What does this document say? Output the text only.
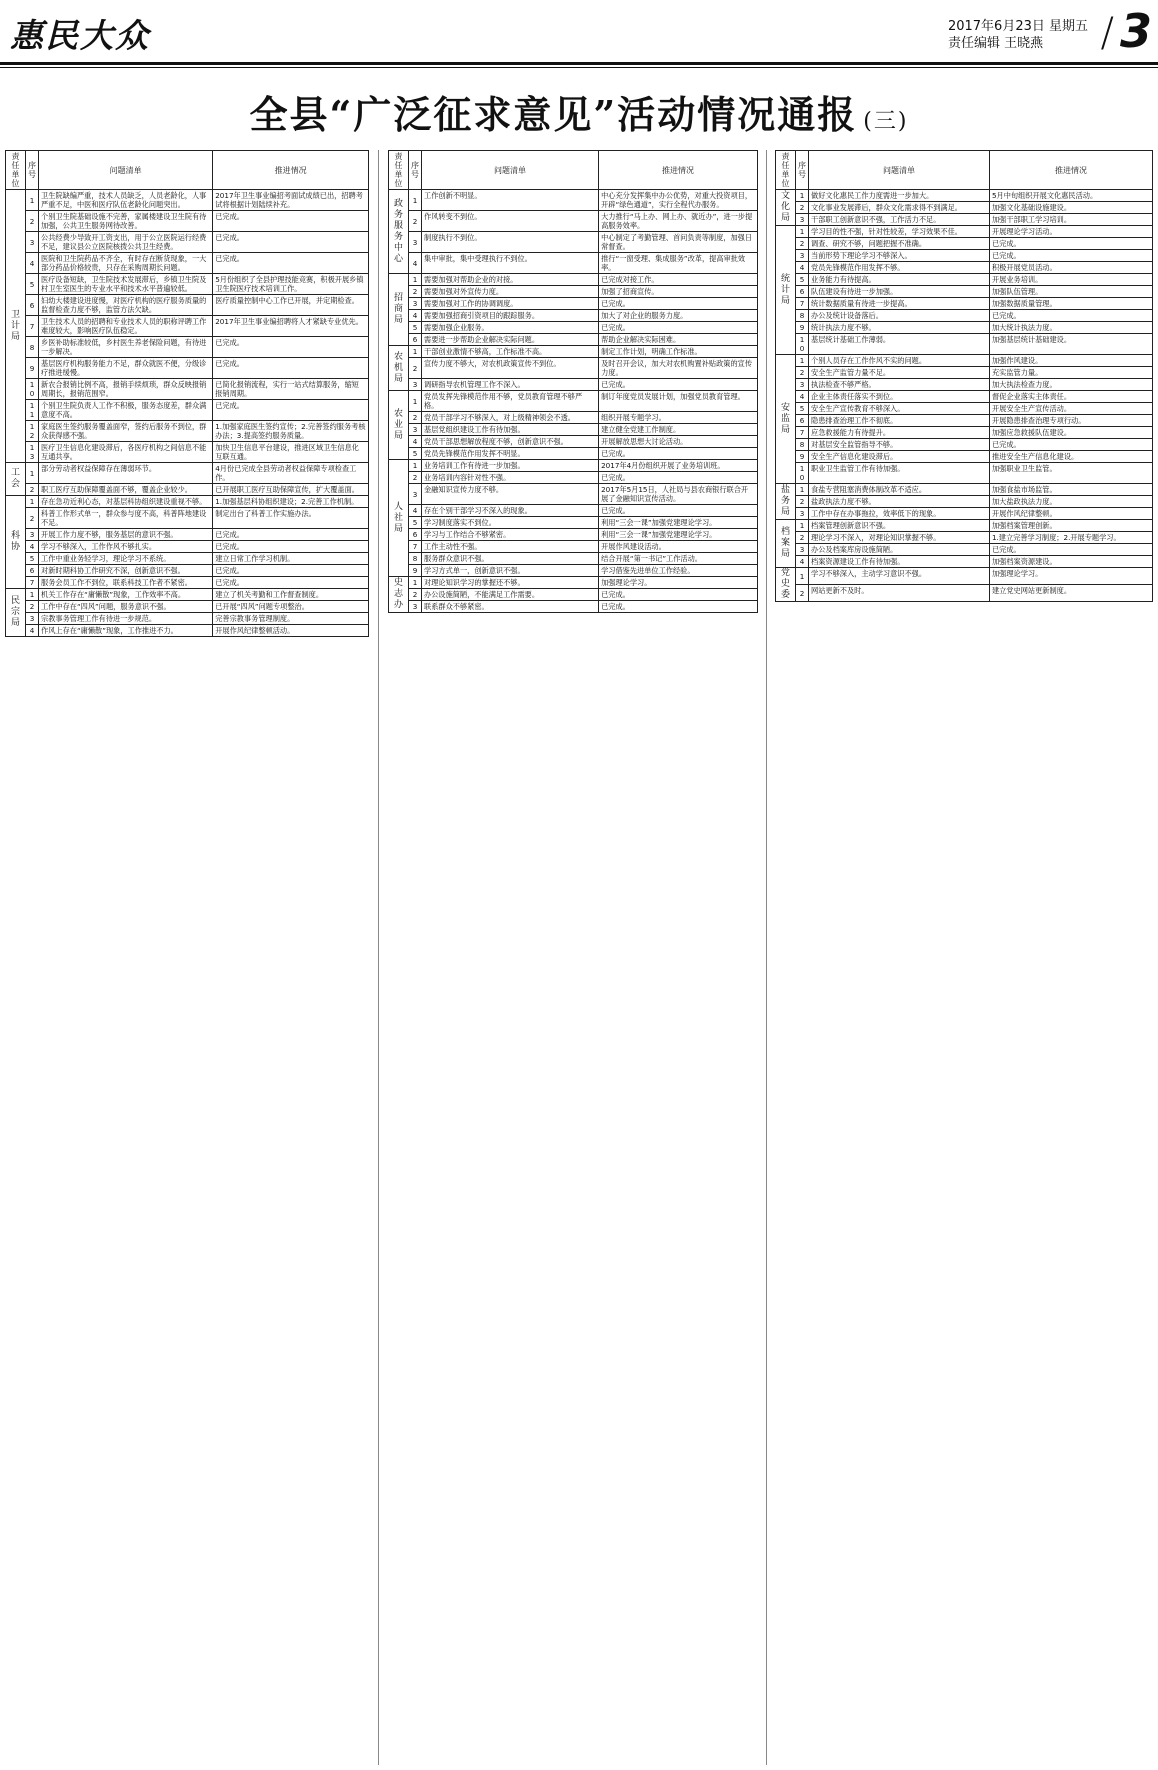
惠民大众	2017年6月23日 星期五
责任编辑 王晓燕	/ 3
全县“广泛征求意见”活动情况通报 (三)
责任单位	序号	问题清单	推进情况
卫计局	1	卫生院缺编严重，技术人员缺乏，人员老龄化，人事严重不足，中医和医疗队伍老龄化问题突出。	2017年卫生事业编招考面试成绩已出，招聘考试将根据计划陆续补充。
	2	个别卫生院基础设施不完善，家属楼建设卫生院有待加强，公共卫生服务网待改善。	已完成。
	3	公共经费少导致开工资支出，用于公立医院运行经费不足，建议县公立医院核拨公共卫生经费。	已完成。
	4	医院和卫生院药品不齐全，有时存在断货现象，一大部分药品价格较贵，只存在采购周期长问题。	已完成。
	5	医疗设备短缺，卫生院技术发展滞后，乡镇卫生院及村卫生室医生的专业水平和技术水平普遍较低。	5月份组织了全县护理技能竞赛，积极开展乡镇卫生院医疗技术培训工作。
	6	妇幼大楼建设进度慢，对医疗机构的医疗服务质量的监督检查力度不够，监管方法欠缺。	医疗质量控制中心工作已开展，并定期检查。
	7	卫生技术人员的招聘和专业技术人员的职称评聘工作难度较大，影响医疗队伍稳定。	2017年卫生事业编招聘将人才紧缺专业优先。
	8	乡医补助标准较低，乡村医生养老保险问题，有待进一步解决。	已完成。
	9	基层医疗机构服务能力不足，群众就医不便，分级诊疗推进缓慢。	已完成。
	10	新农合报销比例不高，报销手续烦琐，群众反映报销周期长，报销范围窄。	已简化报销流程，实行一站式结算服务，缩短报销周期。
	11	个别卫生院负责人工作不积极，服务态度差，群众满意度不高。	已完成。
	12	家庭医生签约服务覆盖面窄，签约后服务不到位，群众获得感不强。	1.加强家庭医生签约宣传；2.完善签约服务考核办法；3.提高签约服务质量。
	13	医疗卫生信息化建设滞后，各医疗机构之间信息不能互通共享。	加快卫生信息平台建设，推进区域卫生信息化互联互通。
工会	1	部分劳动者权益保障存在薄弱环节。	4月份已完成全县劳动者权益保障专项检查工作。
	2	职工医疗互助保障覆盖面不够，覆盖企业较少。	已开展职工医疗互助保障宣传，扩大覆盖面。
科协	1	存在急功近利心态，对基层科协组织建设重视不够。	1.加强基层科协组织建设；2.完善工作机制。
	2	科普工作形式单一，群众参与度不高，科普阵地建设不足。	制定出台了科普工作实施办法。
	3	开展工作力度不够，服务基层的意识不强。	已完成。
	4	学习不够深入，工作作风不够扎实。	已完成。
	5	工作中重业务轻学习，理论学习不系统。	建立日常工作学习机制。
	6	对新时期科协工作研究不深，创新意识不强。	已完成。
	7	服务会员工作不到位，联系科技工作者不紧密。	已完成。
民宗局	1	机关工作存在“庸懒散”现象，工作效率不高。	建立了机关考勤和工作督查制度。
	2	工作中存在“四风”问题，服务意识不强。	已开展“四风”问题专项整治。
	3	宗教事务管理工作有待进一步规范。	完善宗教事务管理制度。
	4	作风上存在“庸懒散”现象，工作推进不力。	开展作风纪律整顿活动。
责任单位	序号	问题清单	推进情况
政务服务中心	1	工作创新不明显。	中心充分发挥集中办公优势，对重大投资项目，开辟“绿色通道”，实行全程代办服务。
	2	作风转变不到位。	大力推行“马上办、网上办、就近办”，进一步提高服务效率。
	3	制度执行不到位。	中心制定了考勤管理、首问负责等制度，加强日常督查。
	4	集中审批，集中受理执行不到位。	推行“一窗受理、集成服务”改革，提高审批效率。
招商局	1	需要加强对帮助企业的对接。	已完成对接工作。
	2	需要加强对外宣传力度。	加强了招商宣传。
	3	需要加强对工作的协调调度。	已完成。
	4	需要加强招商引资项目的跟踪服务。	加大了对企业的服务力度。
	5	需要加强企业服务。	已完成。
	6	需要进一步帮助企业解决实际问题。	帮助企业解决实际困难。
农机局	1	干部创业激情不够高，工作标准不高。	制定工作计划，明确工作标准。
	2	宣传力度不够大，对农机政策宣传不到位。	及时召开会议，加大对农机购置补贴政策的宣传力度。
	3	调研指导农机管理工作不深入。	已完成。
农业局	1	党员发挥先锋模范作用不够，党员教育管理不够严格。	制订年度党员发展计划，加强党员教育管理。
	2	党员干部学习不够深入，对上级精神领会不透。	组织开展专题学习。
	3	基层党组织建设工作有待加强。	建立健全党建工作制度。
	4	党员干部思想解放程度不够，创新意识不强。	开展解放思想大讨论活动。
	5	党员先锋模范作用发挥不明显。	已完成。
人社局	1	业务培训工作有待进一步加强。	2017年4月份组织开展了业务培训班。
	2	业务培训内容针对性不强。	已完成。
	3	金融知识宣传力度不够。	2017年5月15日，人社局与县农商银行联合开展了金融知识宣传活动。
	4	存在个别干部学习不深入的现象。	已完成。
	5	学习制度落实不到位。	利用“三会一课”加强党建理论学习。
	6	学习与工作结合不够紧密。	利用“三会一课”加强党建理论学习。
	7	工作主动性不强。	开展作风建设活动。
	8	服务群众意识不强。	结合开展“第一书记”工作活动。
	9	学习方式单一，创新意识不强。	学习借鉴先进单位工作经验。
史志办	1	对理论知识学习的掌握还不够。	加强理论学习。
	2	办公设施简陋，不能满足工作需要。	已完成。
	3	联系群众不够紧密。	已完成。
责任单位	序号	问题清单	推进情况
文化局	1	做好文化惠民工作力度需进一步加大。	5月中旬组织开展文化惠民活动。
	2	文化事业发展滞后，群众文化需求得不到满足。	加强文化基础设施建设。
	3	干部职工创新意识不强，工作活力不足。	加强干部职工学习培训。
统计局	1	学习目的性不强，针对性较差，学习效果不佳。	开展理论学习活动。
	2	调查、研究不够，问题把握不准确。	已完成。
	3	当前形势下理论学习不够深入。	已完成。
	4	党员先锋模范作用发挥不够。	积极开展党员活动。
	5	业务能力有待提高。	开展业务培训。
	6	队伍建设有待进一步加强。	加强队伍管理。
	7	统计数据质量有待进一步提高。	加强数据质量管理。
	8	办公及统计设备落后。	已完成。
	9	统计执法力度不够。	加大统计执法力度。
	10	基层统计基础工作薄弱。	加强基层统计基础建设。
安监局	1	个别人员存在工作作风不实的问题。	加强作风建设。
	2	安全生产监管力量不足。	充实监管力量。
	3	执法检查不够严格。	加大执法检查力度。
	4	企业主体责任落实不到位。	督促企业落实主体责任。
	5	安全生产宣传教育不够深入。	开展安全生产宣传活动。
	6	隐患排查治理工作不彻底。	开展隐患排查治理专项行动。
	7	应急救援能力有待提升。	加强应急救援队伍建设。
	8	对基层安全监管指导不够。	已完成。
	9	安全生产信息化建设滞后。	推进安全生产信息化建设。
	10	职业卫生监管工作有待加强。	加强职业卫生监管。
盐务局	1	食盐专营阻塞消费体制改革不适应。	加强食盐市场监管。
	2	盐政执法力度不够。	加大盐政执法力度。
	3	工作中存在办事拖拉，效率低下的现象。	开展作风纪律整顿。
档案局	1	档案管理创新意识不强。	加强档案管理创新。
	2	理论学习不深入，对理论知识掌握不够。	1.建立完善学习制度；2.开展专题学习。
	3	办公及档案库房设施简陋。	已完成。
	4	档案资源建设工作有待加强。	加强档案资源建设。
党史委	1	学习不够深入，主动学习意识不强。	加强理论学习。
	2	网站更新不及时。	建立党史网站更新制度。
